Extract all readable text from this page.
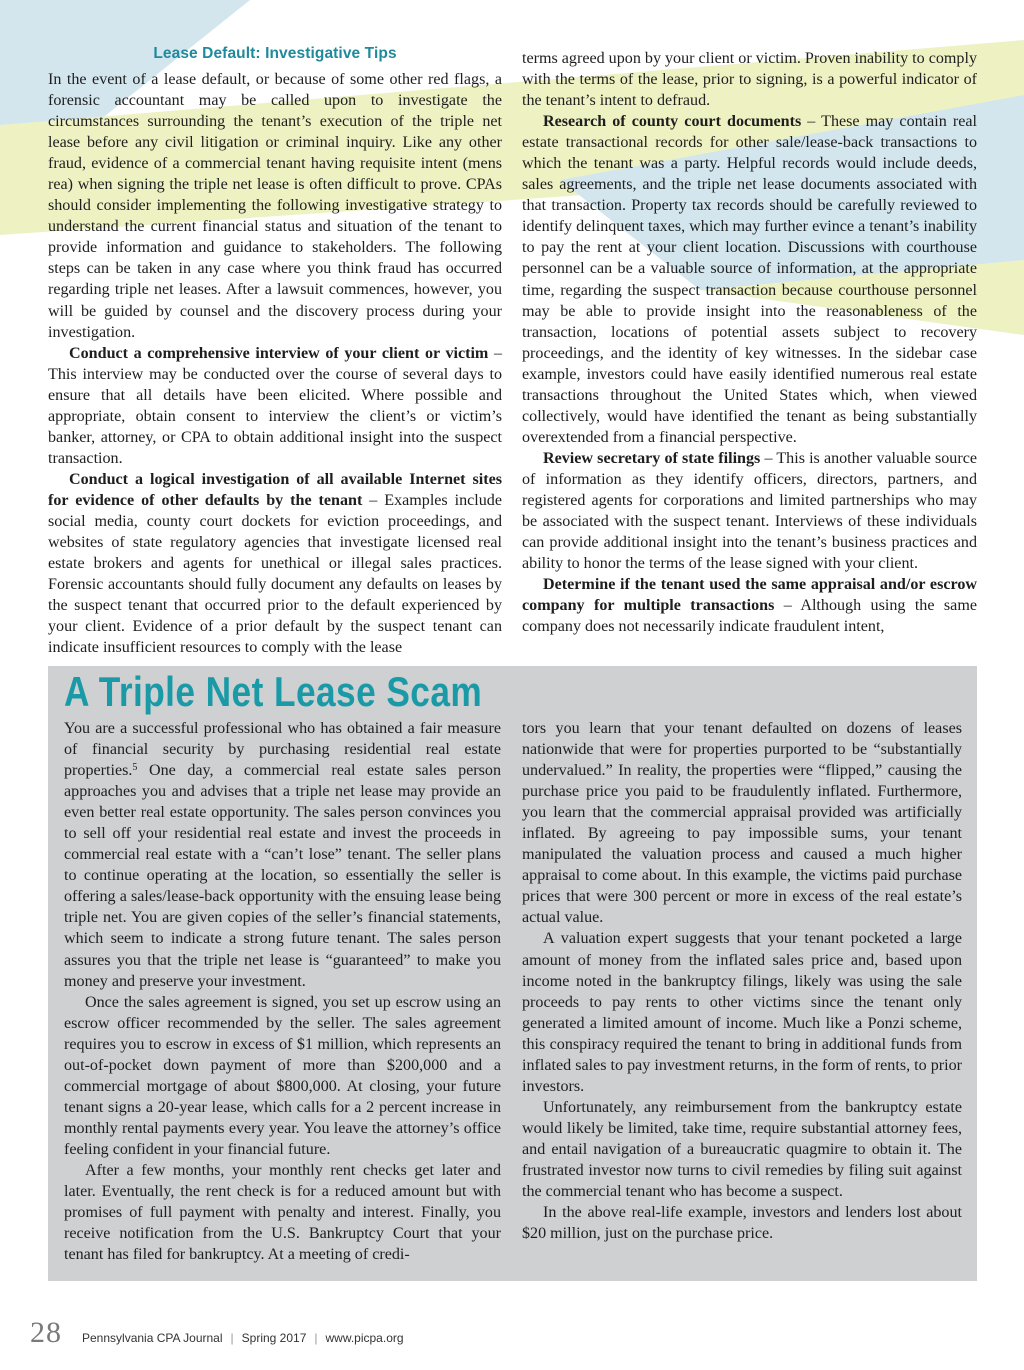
Lease Default: Investigative Tips

In the event of a lease default, or because of some other red flags, a forensic accountant may be called upon to investigate the circumstances surrounding the tenant’s execution of the triple net lease before any civil litigation or criminal inquiry. Like any other fraud, evidence of a commercial tenant having requisite intent (mens rea) when signing the triple net lease is often difficult to prove. CPAs should consider implementing the following investigative strategy to understand the current financial status and situation of the tenant to provide information and guidance to stakeholders. The following steps can be taken in any case where you think fraud has occurred regarding triple net leases. After a lawsuit commences, however, you will be guided by counsel and the discovery process during your investigation.

Conduct a comprehensive interview of your client or victim – This interview may be conducted over the course of several days to ensure that all details have been elicited. Where possible and appropriate, obtain consent to interview the client’s or victim’s banker, attorney, or CPA to obtain additional insight into the suspect transaction.

Conduct a logical investigation of all available Internet sites for evidence of other defaults by the tenant – Examples include social media, county court dockets for eviction proceedings, and websites of state regulatory agencies that investigate licensed real estate brokers and agents for unethical or illegal sales practices. Forensic accountants should fully document any defaults on leases by the suspect tenant that occurred prior to the default experienced by your client. Evidence of a prior default by the suspect tenant can indicate insufficient resources to comply with the lease

terms agreed upon by your client or victim. Proven inability to comply with the terms of the lease, prior to signing, is a powerful indicator of the tenant’s intent to defraud.

Research of county court documents – These may contain real estate transactional records for other sale/lease-back transactions to which the tenant was a party. Helpful records would include deeds, sales agreements, and the triple net lease documents associated with that transaction. Property tax records should be carefully reviewed to identify delinquent taxes, which may further evince a tenant’s inability to pay the rent at your client location. Discussions with courthouse personnel can be a valuable source of information, at the appropriate time, regarding the suspect transaction because courthouse personnel may be able to provide insight into the reasonableness of the transaction, locations of potential assets subject to recovery proceedings, and the identity of key witnesses. In the sidebar case example, investors could have easily identified numerous real estate transactions throughout the United States which, when viewed collectively, would have identified the tenant as being substantially overextended from a financial perspective.

Review secretary of state filings – This is another valuable source of information as they identify officers, directors, partners, and registered agents for corporations and limited partnerships who may be associated with the suspect tenant. Interviews of these individuals can provide additional insight into the tenant’s business practices and ability to honor the terms of the lease signed with your client.

Determine if the tenant used the same appraisal and/or escrow company for multiple transactions – Although using the same company does not necessarily indicate fraudulent intent,

A Triple Net Lease Scam

You are a successful professional who has obtained a fair measure of financial security by purchasing residential real estate properties.$^5$ One day, a commercial real estate sales person approaches you and advises that a triple net lease may provide an even better real estate opportunity. The sales person convinces you to sell off your residential real estate and invest the proceeds in commercial real estate with a “can’t lose” tenant. The seller plans to continue operating at the location, so essentially the seller is offering a sales/lease-back opportunity with the ensuing lease being triple net. You are given copies of the seller’s financial statements, which seem to indicate a strong future tenant. The sales person assures you that the triple net lease is “guaranteed” to make you money and preserve your investment.

Once the sales agreement is signed, you set up escrow using an escrow officer recommended by the seller. The sales agreement requires you to escrow in excess of $1 million, which represents an out-of-pocket down payment of more than $200,000 and a commercial mortgage of about $800,000. At closing, your future tenant signs a 20-year lease, which calls for a 2 percent increase in monthly rental payments every year. You leave the attorney’s office feeling confident in your financial future.

After a few months, your monthly rent checks get later and later. Eventually, the rent check is for a reduced amount but with promises of full payment with penalty and interest. Finally, you receive notification from the U.S. Bankruptcy Court that your tenant has filed for bankruptcy. At a meeting of credi-

tors you learn that your tenant defaulted on dozens of leases nationwide that were for properties purported to be “substantially undervalued.” In reality, the properties were “flipped,” causing the purchase price you paid to be fraudulently inflated. Furthermore, you learn that the commercial appraisal provided was artificially inflated. By agreeing to pay impossible sums, your tenant manipulated the valuation process and caused a much higher appraisal to come about. In this example, the victims paid purchase prices that were 300 percent or more in excess of the real estate’s actual value.

A valuation expert suggests that your tenant pocketed a large amount of money from the inflated sales price and, based upon income noted in the bankruptcy filings, likely was using the sale proceeds to pay rents to other victims since the tenant only generated a limited amount of income. Much like a Ponzi scheme, this conspiracy required the tenant to bring in additional funds from inflated sales to pay investment returns, in the form of rents, to prior investors.

Unfortunately, any reimbursement from the bankruptcy estate would likely be limited, take time, require substantial attorney fees, and entail navigation of a bureaucratic quagmire to obtain it. The frustrated investor now turns to civil remedies by filing suit against the commercial tenant who has become a suspect.

In the above real-life example, investors and lenders lost about $20 million, just on the purchase price.

28 Pennsylvania CPA Journal | Spring 2017 | www.picpa.org
